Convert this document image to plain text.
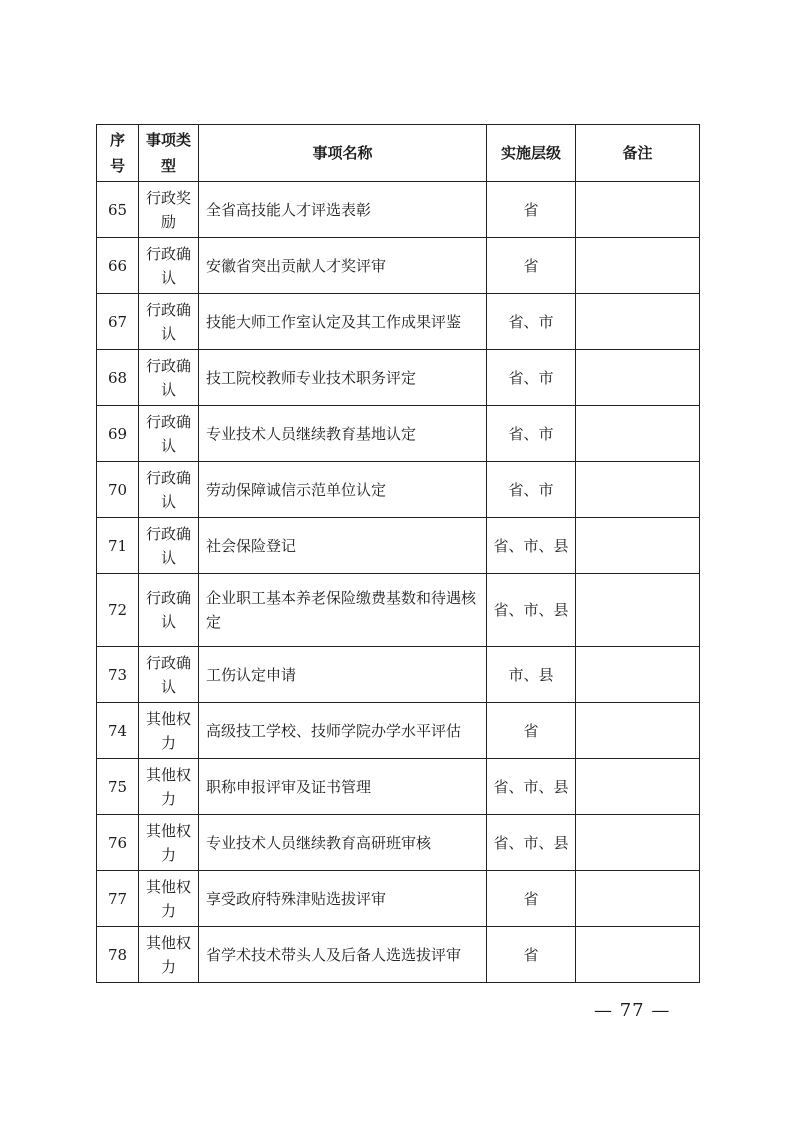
序号	事项类型	事项名称	实施层级	备注
65	行政奖励	全省高技能人才评选表彰	省	
66	行政确认	安徽省突出贡献人才奖评审	省	
67	行政确认	技能大师工作室认定及其工作成果评鉴	省、市	
68	行政确认	技工院校教师专业技术职务评定	省、市	
69	行政确认	专业技术人员继续教育基地认定	省、市	
70	行政确认	劳动保障诚信示范单位认定	省、市	
71	行政确认	社会保险登记	省、市、县	
72	行政确认	企业职工基本养老保险缴费基数和待遇核定	省、市、县	
73	行政确认	工伤认定申请	市、县	
74	其他权力	高级技工学校、技师学院办学水平评估	省	
75	其他权力	职称申报评审及证书管理	省、市、县	
76	其他权力	专业技术人员继续教育高研班审核	省、市、县	
77	其他权力	享受政府特殊津贴选拔评审	省	
78	其他权力	省学术技术带头人及后备人选选拔评审	省	
— 77 —
